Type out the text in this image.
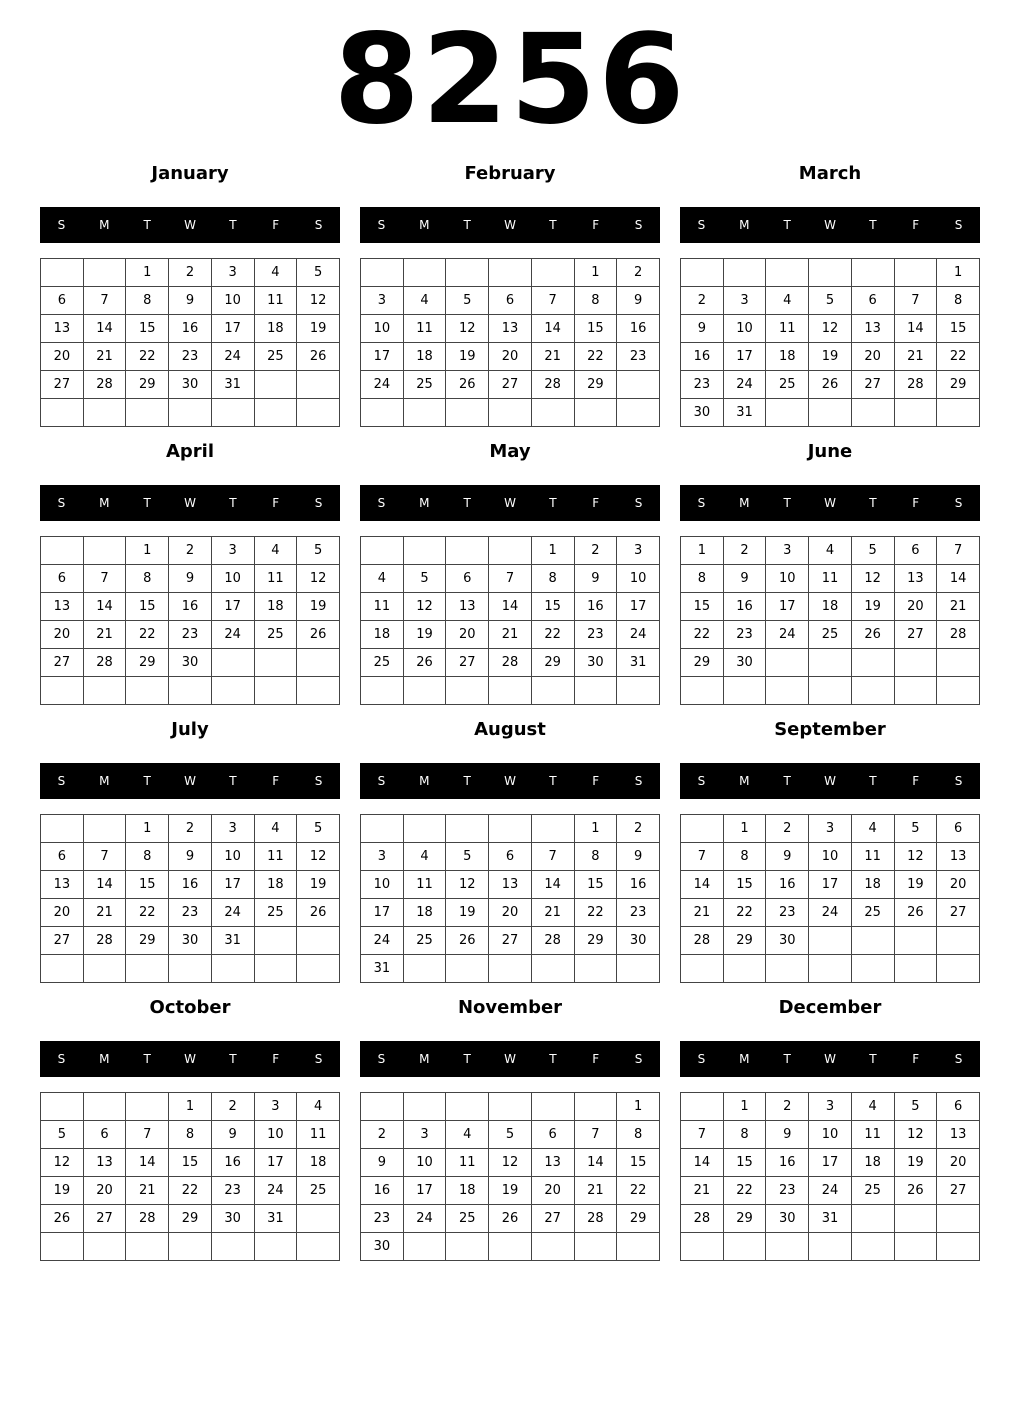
8256
January
S	M	T	W	T	F	S
		1	2	3	4	5
6	7	8	9	10	11	12
13	14	15	16	17	18	19
20	21	22	23	24	25	26
27	28	29	30	31		

February
S	M	T	W	T	F	S
					1	2
3	4	5	6	7	8	9
10	11	12	13	14	15	16
17	18	19	20	21	22	23
24	25	26	27	28	29	

March
S	M	T	W	T	F	S
						1
2	3	4	5	6	7	8
9	10	11	12	13	14	15
16	17	18	19	20	21	22
23	24	25	26	27	28	29
30	31					
April
S	M	T	W	T	F	S
		1	2	3	4	5
6	7	8	9	10	11	12
13	14	15	16	17	18	19
20	21	22	23	24	25	26
27	28	29	30			

May
S	M	T	W	T	F	S
				1	2	3
4	5	6	7	8	9	10
11	12	13	14	15	16	17
18	19	20	21	22	23	24
25	26	27	28	29	30	31

June
S	M	T	W	T	F	S
1	2	3	4	5	6	7
8	9	10	11	12	13	14
15	16	17	18	19	20	21
22	23	24	25	26	27	28
29	30					

July
S	M	T	W	T	F	S
		1	2	3	4	5
6	7	8	9	10	11	12
13	14	15	16	17	18	19
20	21	22	23	24	25	26
27	28	29	30	31		

August
S	M	T	W	T	F	S
					1	2
3	4	5	6	7	8	9
10	11	12	13	14	15	16
17	18	19	20	21	22	23
24	25	26	27	28	29	30
31						
September
S	M	T	W	T	F	S
	1	2	3	4	5	6
7	8	9	10	11	12	13
14	15	16	17	18	19	20
21	22	23	24	25	26	27
28	29	30				

October
S	M	T	W	T	F	S
			1	2	3	4
5	6	7	8	9	10	11
12	13	14	15	16	17	18
19	20	21	22	23	24	25
26	27	28	29	30	31	

November
S	M	T	W	T	F	S
						1
2	3	4	5	6	7	8
9	10	11	12	13	14	15
16	17	18	19	20	21	22
23	24	25	26	27	28	29
30						
December
S	M	T	W	T	F	S
	1	2	3	4	5	6
7	8	9	10	11	12	13
14	15	16	17	18	19	20
21	22	23	24	25	26	27
28	29	30	31			
